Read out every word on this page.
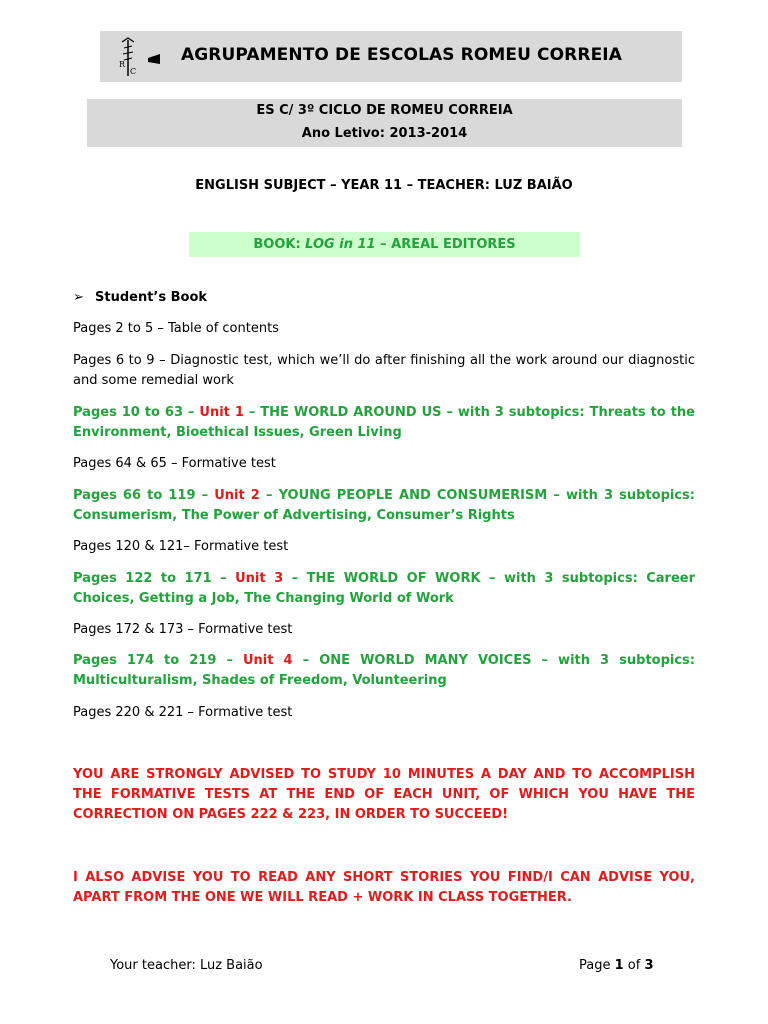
R
C
AGRUPAMENTO DE ESCOLAS ROMEU CORREIA
ES C/ 3º CICLO DE ROMEU CORREIA
Ano Letivo: 2013-2014
ENGLISH SUBJECT – YEAR 11 – TEACHER: LUZ BAIÃO
BOOK: LOG in 11 – AREAL EDITORES
➢ Student’s Book
Pages 2 to 5 – Table of contents
Pages 6 to 9 – Diagnostic test, which we’ll do after finishing all the work around our diagnostic and some remedial work
Pages 10 to 63 – Unit 1 – THE WORLD AROUND US – with 3 subtopics: Threats to the Environment, Bioethical Issues, Green Living
Pages 64 & 65 – Formative test
Pages 66 to 119 – Unit 2 – YOUNG PEOPLE AND CONSUMERISM – with 3 subtopics: Consumerism, The Power of Advertising, Consumer’s Rights
Pages 120 & 121– Formative test
Pages 122 to 171 – Unit 3 – THE WORLD OF WORK – with 3 subtopics: Career Choices, Getting a Job, The Changing World of Work
Pages 172 & 173 – Formative test
Pages 174 to 219 – Unit 4 – ONE WORLD MANY VOICES – with 3 subtopics: Multiculturalism, Shades of Freedom, Volunteering
Pages 220 & 221 – Formative test
YOU ARE STRONGLY ADVISED TO STUDY 10 MINUTES A DAY AND TO ACCOMPLISH THE FORMATIVE TESTS AT THE END OF EACH UNIT, OF WHICH YOU HAVE THE CORRECTION ON PAGES 222 & 223, IN ORDER TO SUCCEED!
I ALSO ADVISE YOU TO READ ANY SHORT STORIES YOU FIND/I CAN ADVISE YOU, APART FROM THE ONE WE WILL READ + WORK IN CLASS TOGETHER.
Your teacher: Luz Baião	Page 1 of 3
